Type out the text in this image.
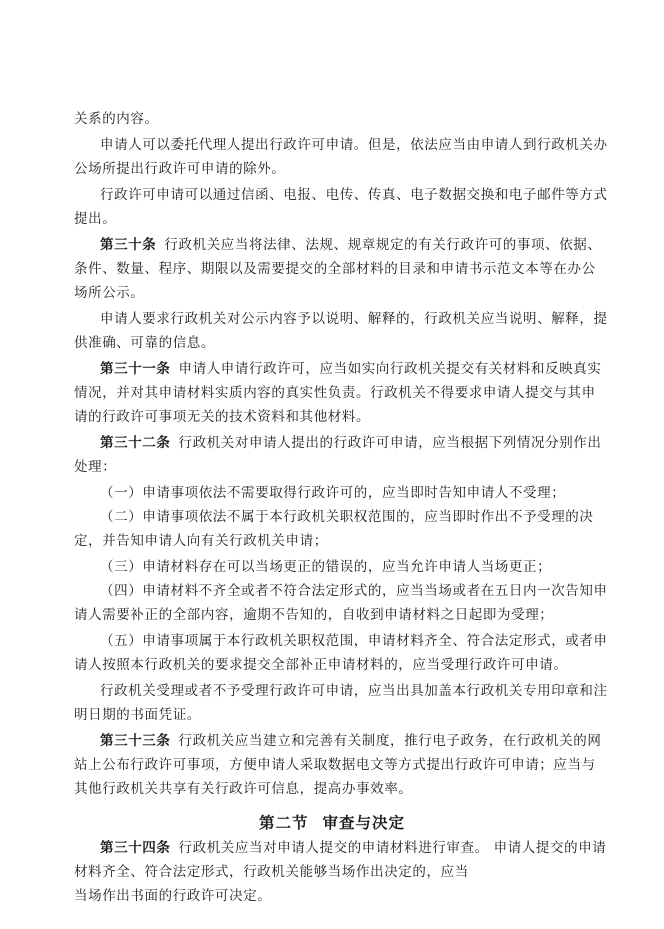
关系的内容。
申请人可以委托代理人提出行政许可申请。但是，依法应当由申请人到行政机关办
公场所提出行政许可申请的除外。
行政许可申请可以通过信函、电报、电传、传真、电子数据交换和电子邮件等方式
提出。
第三十条 行政机关应当将法律、法规、规章规定的有关行政许可的事项、依据、
条件、数量、程序、期限以及需要提交的全部材料的目录和申请书示范文本等在办公
场所公示。
申请人要求行政机关对公示内容予以说明、解释的，行政机关应当说明、解释，提
供准确、可靠的信息。
第三十一条 申请人申请行政许可，应当如实向行政机关提交有关材料和反映真实
情况，并对其申请材料实质内容的真实性负责。行政机关不得要求申请人提交与其申
请的行政许可事项无关的技术资料和其他材料。
第三十二条 行政机关对申请人提出的行政许可申请，应当根据下列情况分别作出
处理：
（一）申请事项依法不需要取得行政许可的，应当即时告知申请人不受理；
（二）申请事项依法不属于本行政机关职权范围的，应当即时作出不予受理的决
定，并告知申请人向有关行政机关申请；
（三）申请材料存在可以当场更正的错误的，应当允许申请人当场更正；
（四）申请材料不齐全或者不符合法定形式的，应当当场或者在五日内一次告知申
请人需要补正的全部内容，逾期不告知的，自收到申请材料之日起即为受理；
（五）申请事项属于本行政机关职权范围，申请材料齐全、符合法定形式，或者申
请人按照本行政机关的要求提交全部补正申请材料的，应当受理行政许可申请。
行政机关受理或者不予受理行政许可申请，应当出具加盖本行政机关专用印章和注
明日期的书面凭证。
第三十三条 行政机关应当建立和完善有关制度，推行电子政务，在行政机关的网
站上公布行政许可事项，方便申请人采取数据电文等方式提出行政许可申请；应当与
其他行政机关共享有关行政许可信息，提高办事效率。
第二节 审查与决定
第三十四条 行政机关应当对申请人提交的申请材料进行审查。 申请人提交的申请
材料齐全、符合法定形式，行政机关能够当场作出决定的，应当
当场作出书面的行政许可决定。
